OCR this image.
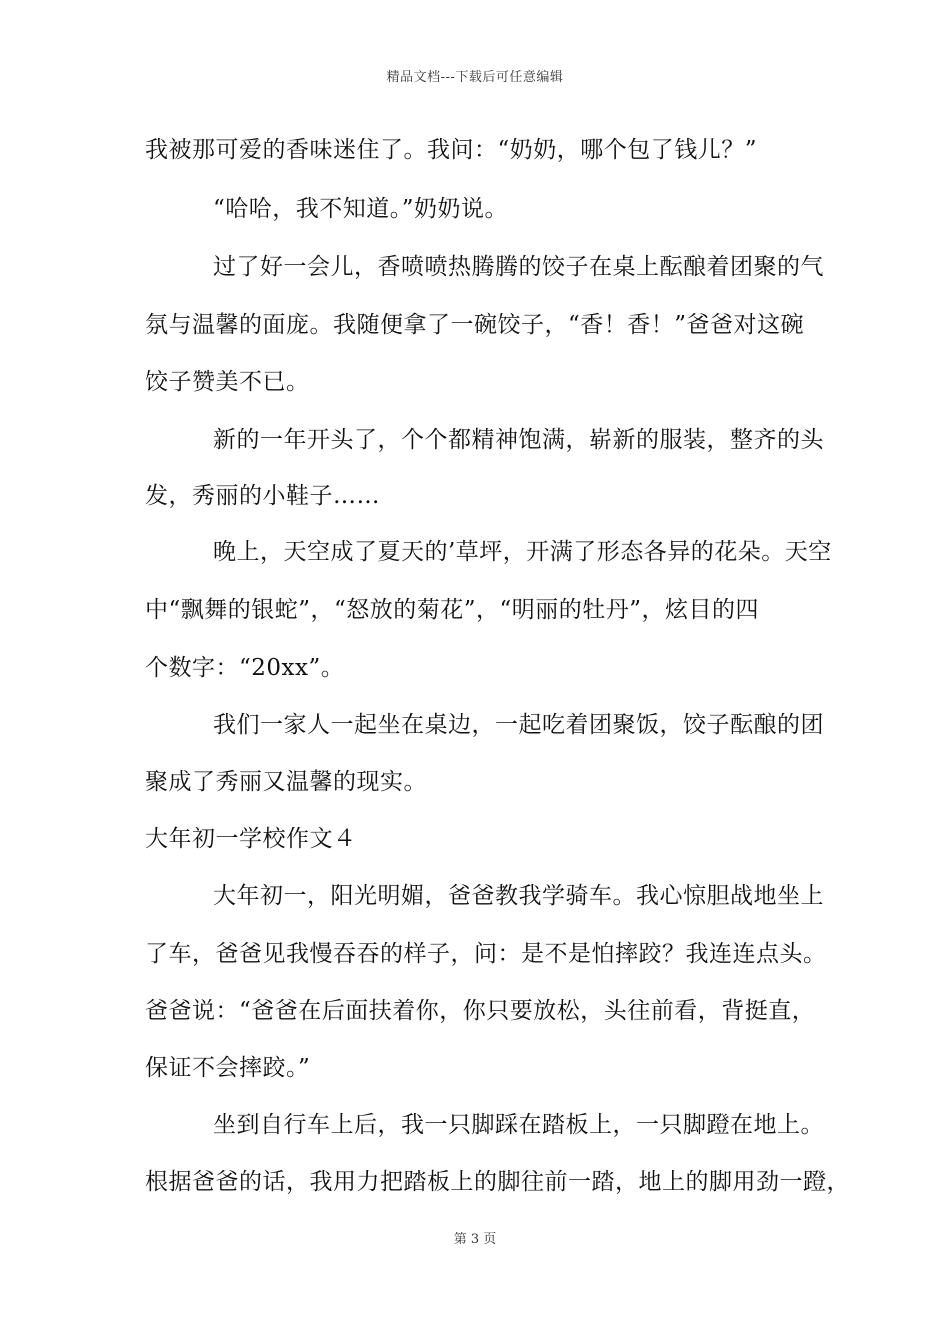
精品文档---下载后可任意编辑
我被那可爱的香味迷住了。我问：“奶奶，哪个包了钱儿？”
“哈哈，我不知道。”奶奶说。
过了好一会儿，香喷喷热腾腾的饺子在桌上酝酿着团聚的气
氛与温馨的面庞。我随便拿了一碗饺子，“香！香！”爸爸对这碗
饺子赞美不已。
新的一年开头了，个个都精神饱满，崭新的服装，整齐的头
发，秀丽的小鞋子……
晚上，天空成了夏天的’草坪，开满了形态各异的花朵。天空
中“飘舞的银蛇”，“怒放的菊花”，“明丽的牡丹”，炫目的四
个数字：“20xx”。
我们一家人一起坐在桌边，一起吃着团聚饭，饺子酝酿的团
聚成了秀丽又温馨的现实。
大年初一学校作文４
大年初一，阳光明媚，爸爸教我学骑车。我心惊胆战地坐上
了车，爸爸见我慢吞吞的样子，问：是不是怕摔跤？我连连点头。
爸爸说：“爸爸在后面扶着你，你只要放松，头往前看，背挺直，
保证不会摔跤。”
坐到自行车上后，我一只脚踩在踏板上，一只脚蹬在地上。
根据爸爸的话，我用力把踏板上的脚往前一踏，地上的脚用劲一蹬，
第 3 页
